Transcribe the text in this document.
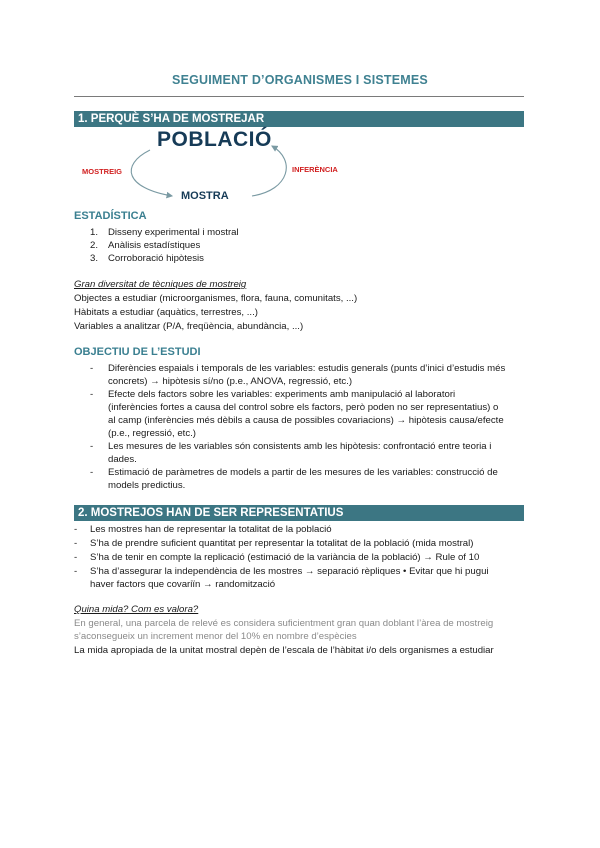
SEGUIMENT D’ORGANISMES I SISTEMES
1. PERQUÈ S’HA DE MOSTREJAR
POBLACIÓ
MOSTRA
MOSTREIG	INFERÈNCIA
ESTADÍSTICA
1. Disseny experimental i mostral
2. Anàlisis estadístiques
3. Corroboració hipòtesis
Gran diversitat de tècniques de mostreig
Objectes a estudiar (microorganismes, flora, fauna, comunitats, ...)
Hàbitats a estudiar (aquàtics, terrestres, ...)
Variables a analitzar (P/A, freqüència, abundància, ...)
OBJECTIU DE L’ESTUDI
- Diferències espaials i temporals de les variables: estudis generals (punts d’inici d’estudis més
concrets) → hipòtesis sí/no (p.e., ANOVA, regressió, etc.)
- Efecte dels factors sobre les variables: experiments amb manipulació al laboratori
(inferències fortes a causa del control sobre els factors, però poden no ser representatius) o
al camp (inferències més dèbils a causa de possibles covariacions) → hipòtesis causa/efecte
(p.e., regressió, etc.)
- Les mesures de les variables són consistents amb les hipòtesis: confrontació entre teoria i
dades.
- Estimació de paràmetres de models a partir de les mesures de les variables: construcció de
models predictius.
2. MOSTREJOS HAN DE SER REPRESENTATIUS
- Les mostres han de representar la totalitat de la població
- S’ha de prendre suficient quantitat per representar la totalitat de la població (mida mostral)
- S’ha de tenir en compte la replicació (estimació de la variància de la població) → Rule of 10
- S’ha d’assegurar la independència de les mostres → separació rèpliques • Evitar que hi pugui
haver factors que covariïn → randomització
Quina mida? Com es valora?
En general, una parcela de relevé es considera suficientment gran quan doblant l’àrea de mostreig
s’aconsegueix un increment menor del 10% en nombre d’espècies
La mida apropiada de la unitat mostral depèn de l’escala de l’hàbitat i/o dels organismes a estudiar
